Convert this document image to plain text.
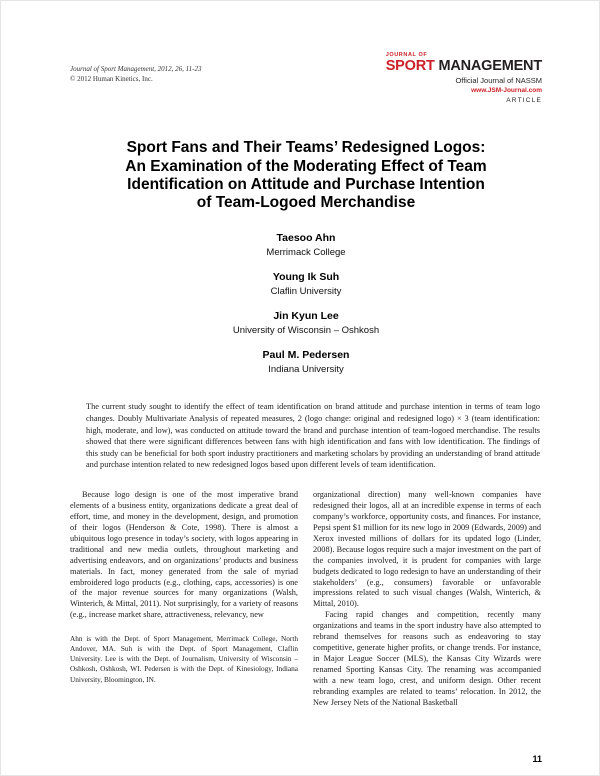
Journal of Sport Management, 2012, 26, 11-23
© 2012 Human Kinetics, Inc.
JOURNAL OF
SPORT MANAGEMENT
Official Journal of NASSM
www.JSM-Journal.com
ARTICLE
Sport Fans and Their Teams’ Redesigned Logos:
An Examination of the Moderating Effect of Team
Identification on Attitude and Purchase Intention
of Team-Logoed Merchandise
Taesoo Ahn
Merrimack College
Young Ik Suh
Claflin University
Jin Kyun Lee
University of Wisconsin – Oshkosh
Paul M. Pedersen
Indiana University
The current study sought to identify the effect of team identification on brand attitude and purchase intention in terms of team logo changes. Doubly Multivariate Analysis of repeated measures, 2 (logo change: original and redesigned logo) × 3 (team identification: high, moderate, and low), was conducted on attitude toward the brand and purchase intention of team-logoed merchandise. The results showed that there were significant differences between fans with high identification and fans with low identification. The findings of this study can be beneficial for both sport industry practitioners and marketing scholars by providing an understanding of brand attitude and purchase intention related to new redesigned logos based upon different levels of team identification.

Because logo design is one of the most imperative brand elements of a business entity, organizations dedicate a great deal of effort, time, and money in the development, design, and promotion of their logos (Henderson & Cote, 1998). There is almost a ubiquitous logo presence in today’s society, with logos appearing in traditional and new media outlets, throughout marketing and advertising endeavors, and on organizations’ products and business materials. In fact, money generated from the sale of myriad embroidered logo products (e.g., clothing, caps, accessories) is one of the major revenue sources for many organizations (Walsh, Winterich, & Mittal, 2011). Not surprisingly, for a variety of reasons (e.g., increase market share, attractiveness, relevancy, new

Ahn is with the Dept. of Sport Management, Merrimack College, North Andover, MA. Suh is with the Dept. of Sport Management, Claflin University. Lee is with the Dept. of Journalism, University of Wisconsin – Oshkosh, Oshkosh, WI. Pedersen is with the Dept. of Kinesiology, Indiana University, Bloomington, IN.

organizational direction) many well-known companies have redesigned their logos, all at an incredible expense in terms of each company’s workforce, opportunity costs, and finances. For instance, Pepsi spent $1 million for its new logo in 2009 (Edwards, 2009) and Xerox invested millions of dollars for its updated logo (Linder, 2008). Because logos require such a major investment on the part of the companies involved, it is prudent for companies with large budgets dedicated to logo redesign to have an understanding of their stakeholders’ (e.g., consumers) favorable or unfavorable impressions related to such visual changes (Walsh, Winterich, & Mittal, 2010).

Facing rapid changes and competition, recently many organizations and teams in the sport industry have also attempted to rebrand themselves for reasons such as endeavoring to stay competitive, generate higher profits, or change trends. For instance, in Major League Soccer (MLS), the Kansas City Wizards were renamed Sporting Kansas City. The renaming was accompanied with a new team logo, crest, and uniform design. Other recent rebranding examples are related to teams’ relocation. In 2012, the New Jersey Nets of the National Basketball

11
